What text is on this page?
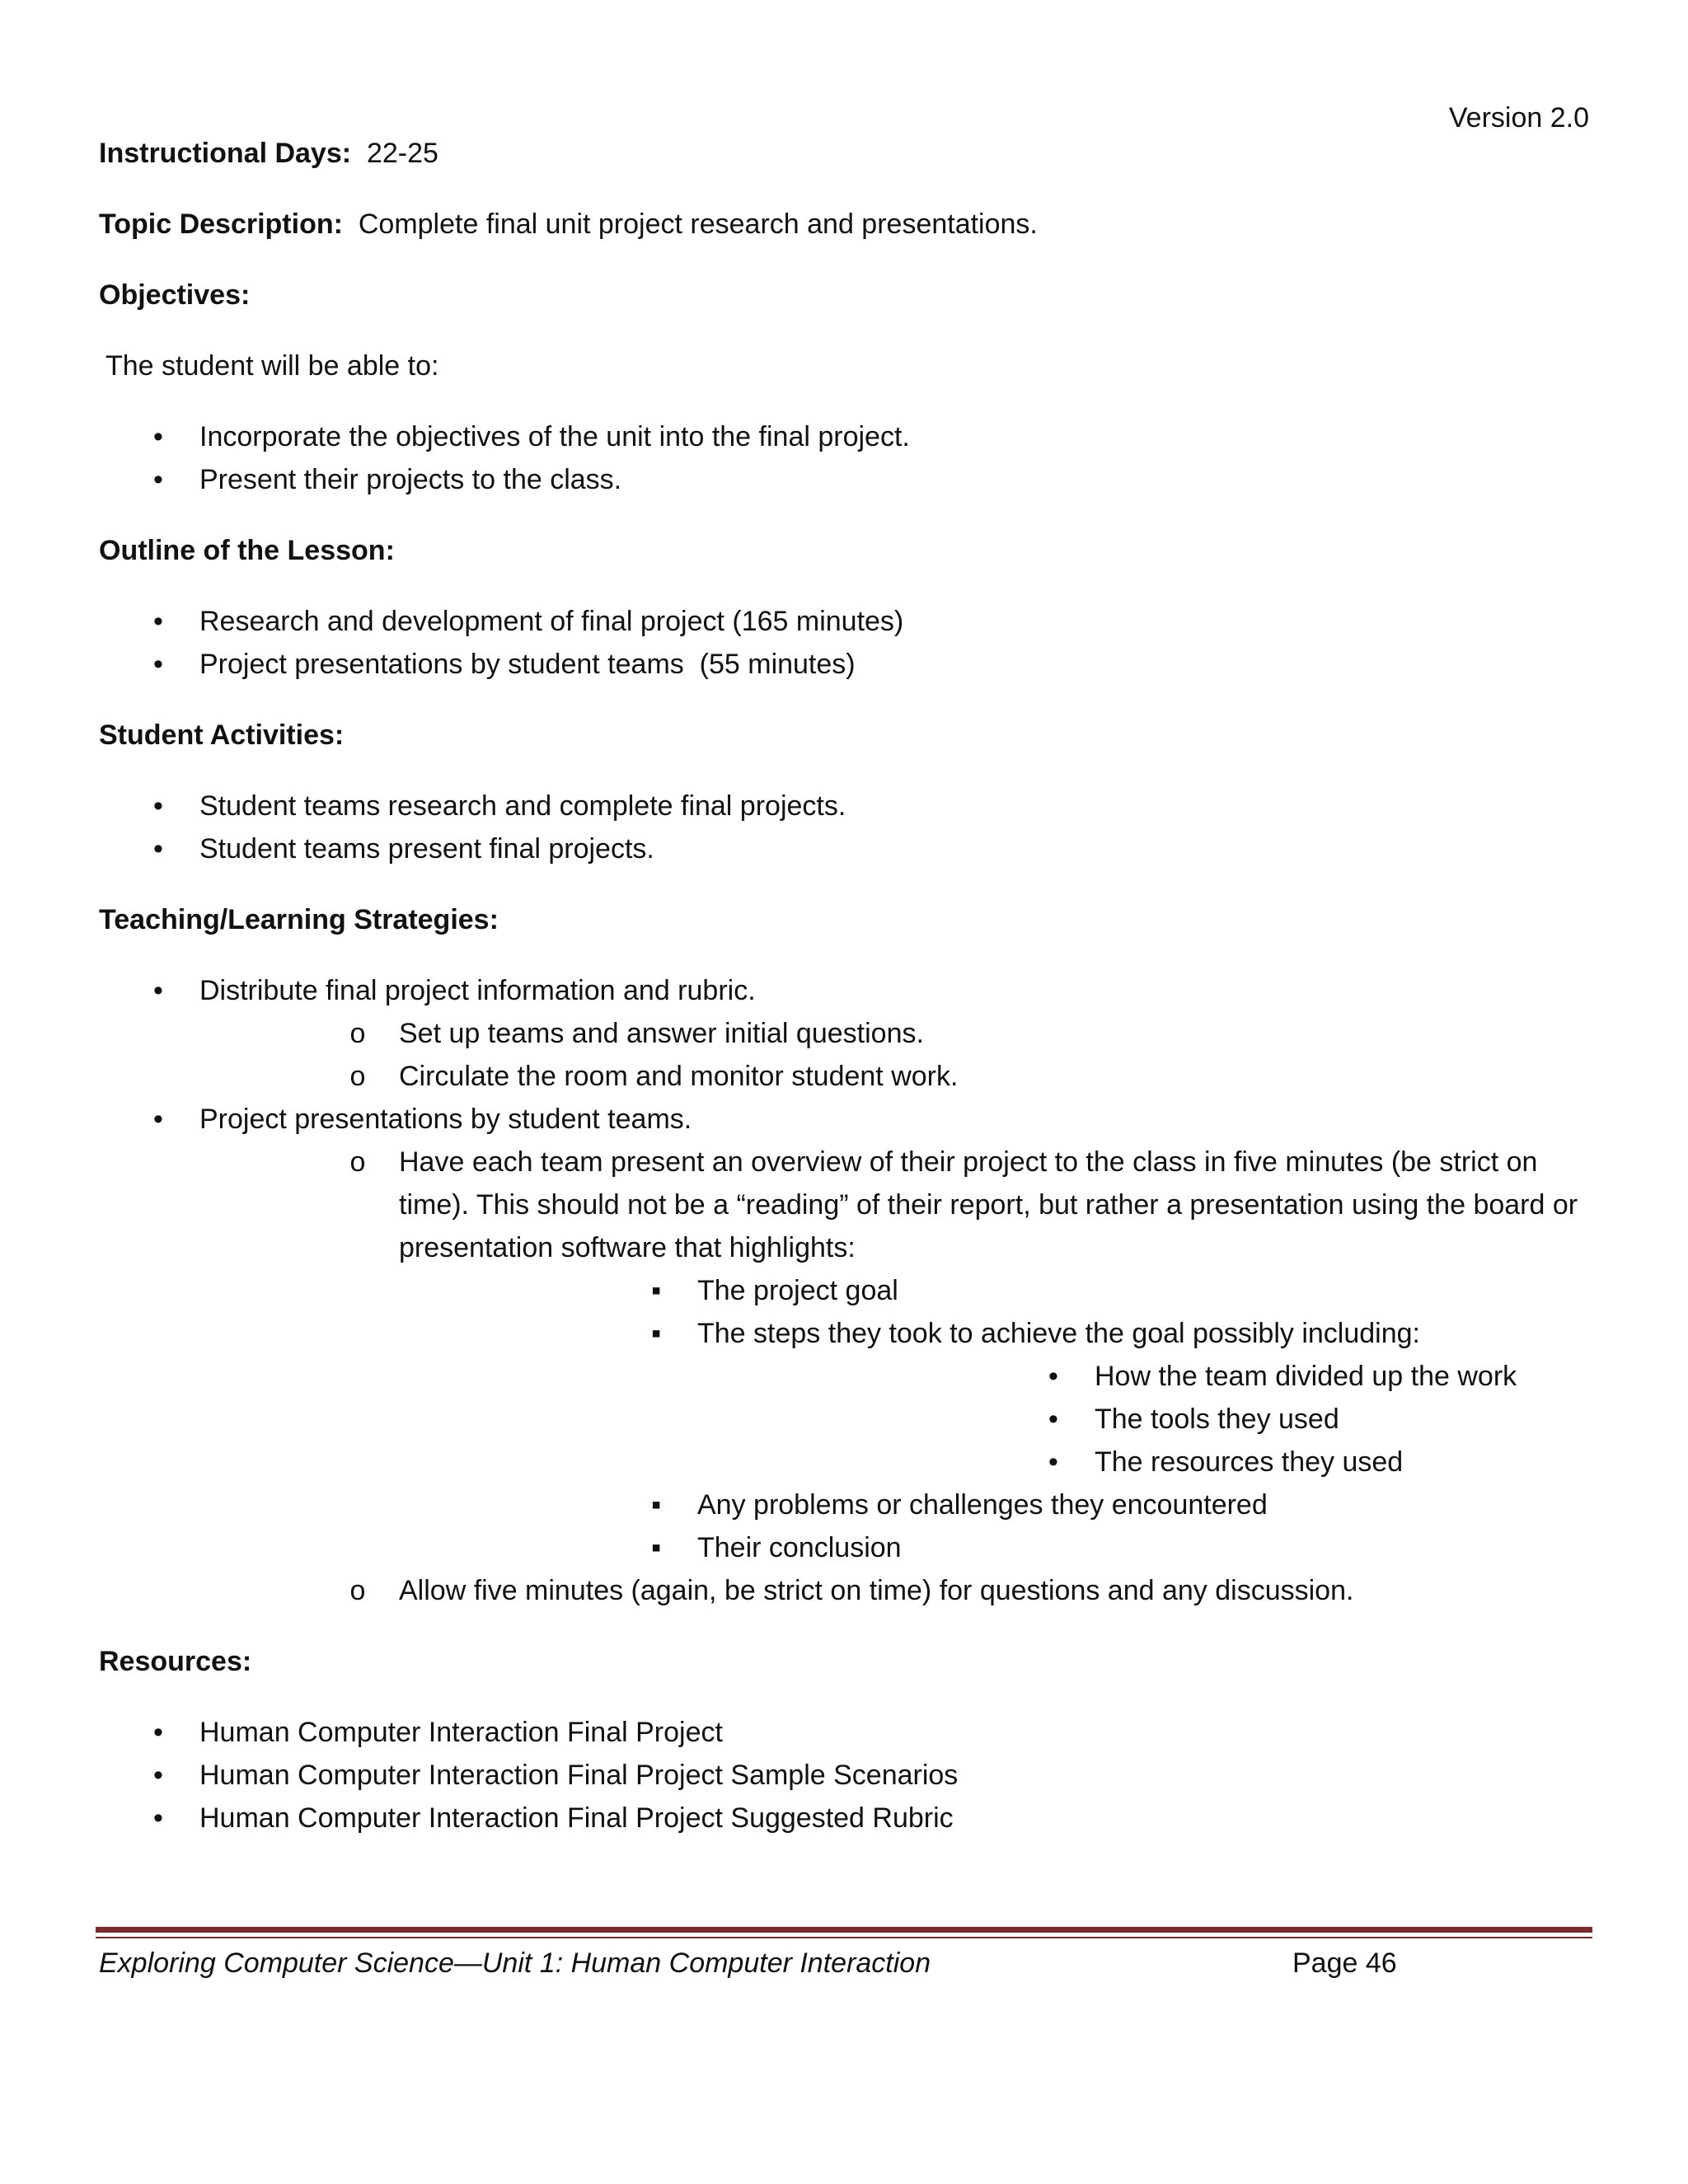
Version 2.0

Instructional Days: 22-25

Topic Description: Complete final unit project research and presentations.

Objectives:

The student will be able to:

• Incorporate the objectives of the unit into the final project.
• Present their projects to the class.

Outline of the Lesson:

• Research and development of final project (165 minutes)
• Project presentations by student teams  (55 minutes)

Student Activities:

• Student teams research and complete final projects.
• Student teams present final projects.

Teaching/Learning Strategies:

• Distribute final project information and rubric.
o Set up teams and answer initial questions.
o Circulate the room and monitor student work.
• Project presentations by student teams.
o Have each team present an overview of their project to the class in five minutes (be strict on time). This should not be a “reading” of their report, but rather a presentation using the board or presentation software that highlights:
▪ The project goal
▪ The steps they took to achieve the goal possibly including:
• How the team divided up the work
• The tools they used
• The resources they used
▪ Any problems or challenges they encountered
▪ Their conclusion
o Allow five minutes (again, be strict on time) for questions and any discussion.

Resources:

• Human Computer Interaction Final Project
• Human Computer Interaction Final Project Sample Scenarios
• Human Computer Interaction Final Project Suggested Rubric
Exploring Computer Science—Unit 1: Human Computer Interaction	Page 46
